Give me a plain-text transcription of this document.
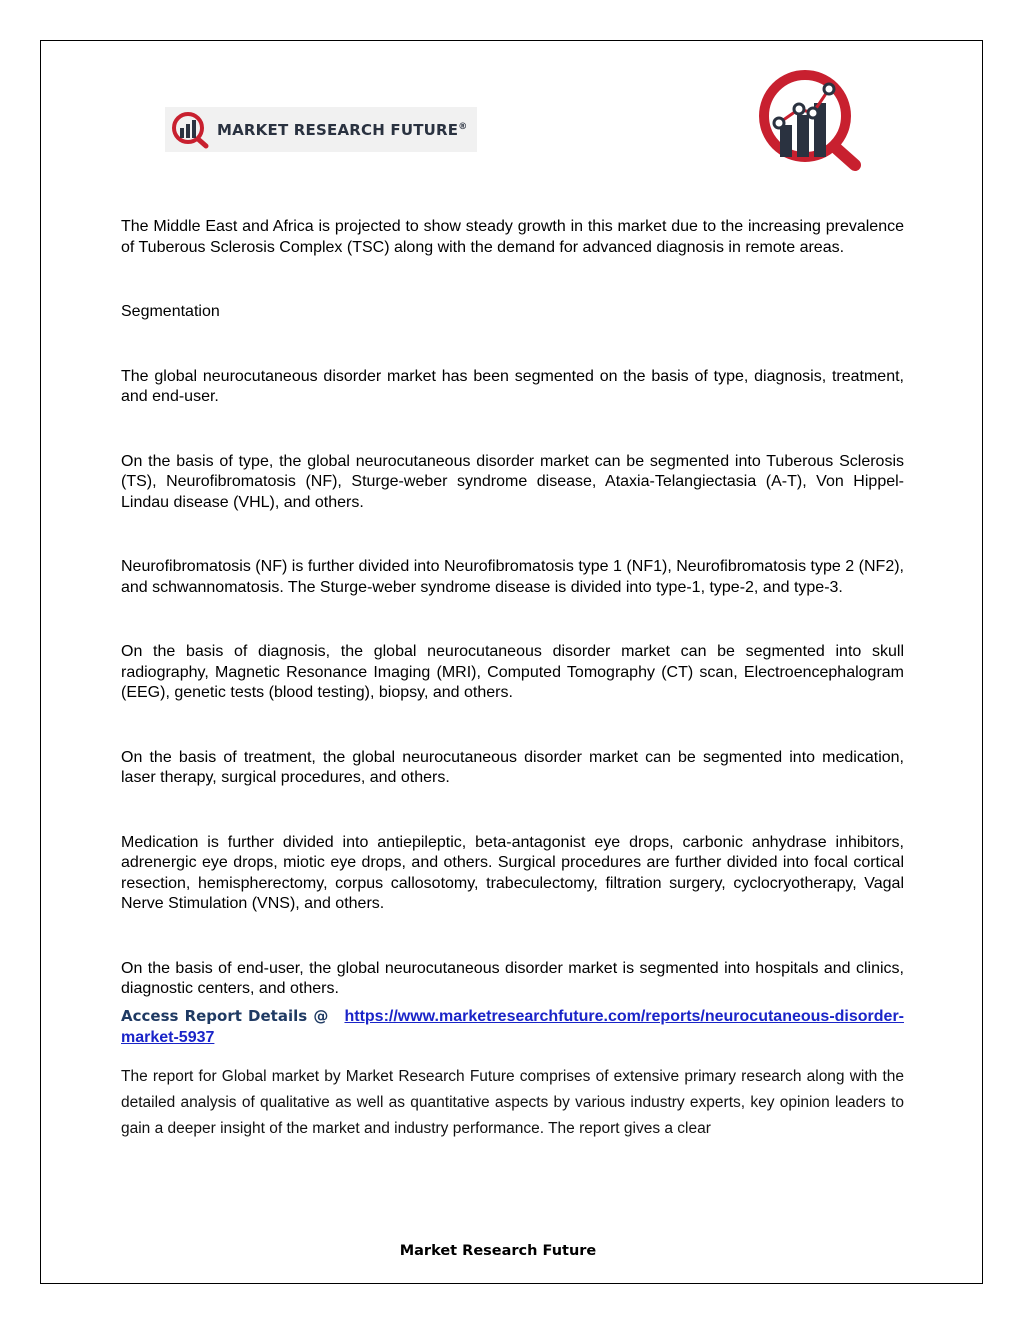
MARKET RESEARCH FUTURE®

The Middle East and Africa is projected to show steady growth in this market due to the increasing prevalence of Tuberous Sclerosis Complex (TSC) along with the demand for advanced diagnosis in remote areas.

Segmentation

The global neurocutaneous disorder market has been segmented on the basis of type, diagnosis, treatment, and end-user.

On the basis of type, the global neurocutaneous disorder market can be segmented into Tuberous Sclerosis (TS), Neurofibromatosis (NF), Sturge-weber syndrome disease, Ataxia-Telangiectasia (A-T), Von Hippel-Lindau disease (VHL), and others.

Neurofibromatosis (NF) is further divided into Neurofibromatosis type 1 (NF1), Neurofibromatosis type 2 (NF2), and schwannomatosis. The Sturge-weber syndrome disease is divided into type-1, type-2, and type-3.

On the basis of diagnosis, the global neurocutaneous disorder market can be segmented into skull radiography, Magnetic Resonance Imaging (MRI), Computed Tomography (CT) scan, Electroencephalogram (EEG), genetic tests (blood testing), biopsy, and others.

On the basis of treatment, the global neurocutaneous disorder market can be segmented into medication, laser therapy, surgical procedures, and others.

Medication is further divided into antiepileptic, beta-antagonist eye drops, carbonic anhydrase inhibitors, adrenergic eye drops, miotic eye drops, and others. Surgical procedures are further divided into focal cortical resection, hemispherectomy, corpus callosotomy, trabeculectomy, filtration surgery, cyclocryotherapy, Vagal Nerve Stimulation (VNS), and others.

On the basis of end-user, the global neurocutaneous disorder market is segmented into hospitals and clinics, diagnostic centers, and others.

Access Report Details @ https://www.marketresearchfuture.com/reports/neurocutaneous-disorder-market-5937

The report for Global market by Market Research Future comprises of extensive primary research along with the detailed analysis of qualitative as well as quantitative aspects by various industry experts, key opinion leaders to gain a deeper insight of the market and industry performance. The report gives a clear

Market Research Future
